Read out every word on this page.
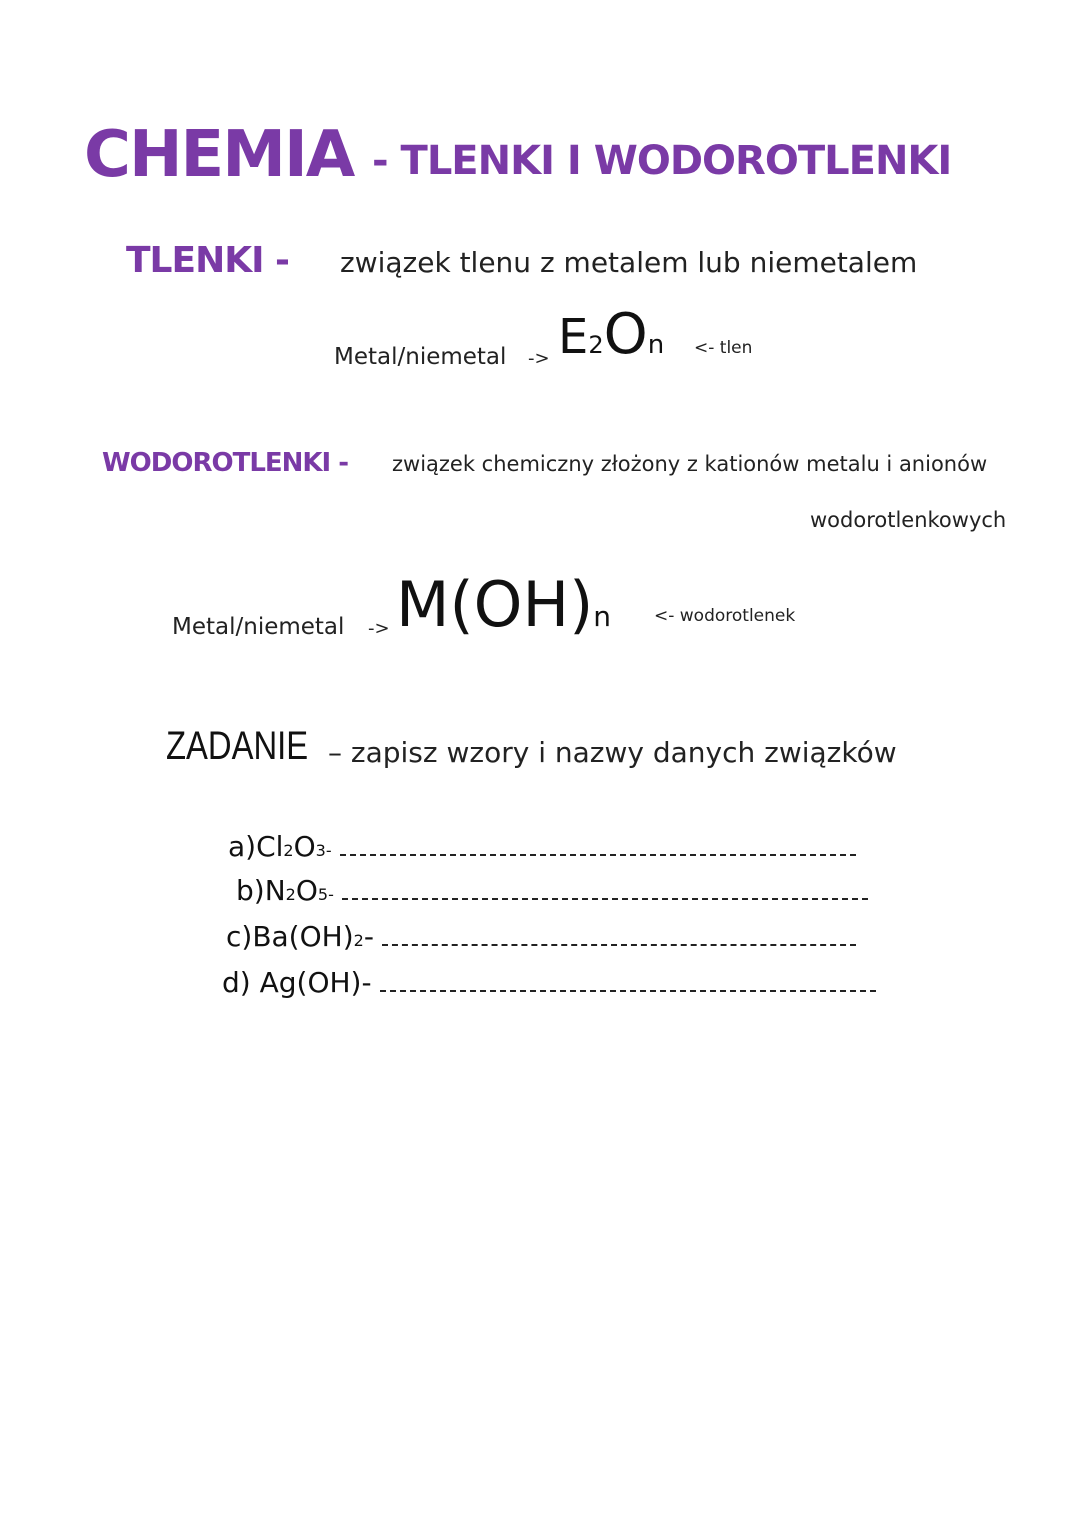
CHEMIA - TLENKI I WODOROTLENKI
TLENKI - związek tlenu z metalem lub niemetalem
Metal/niemetal -> E2On <- tlen
WODOROTLENKI - związek chemiczny złożony z kationów metalu i anionów
wodorotlenkowych
Metal/niemetal -> M(OH)n	<- wodorotlenek
ZADANIE – zapisz wzory i nazwy danych związków
a)Cl 2 O 3 -
b)N 2 O 5 -
c)Ba(OH) 2 -
d) Ag(OH) -
